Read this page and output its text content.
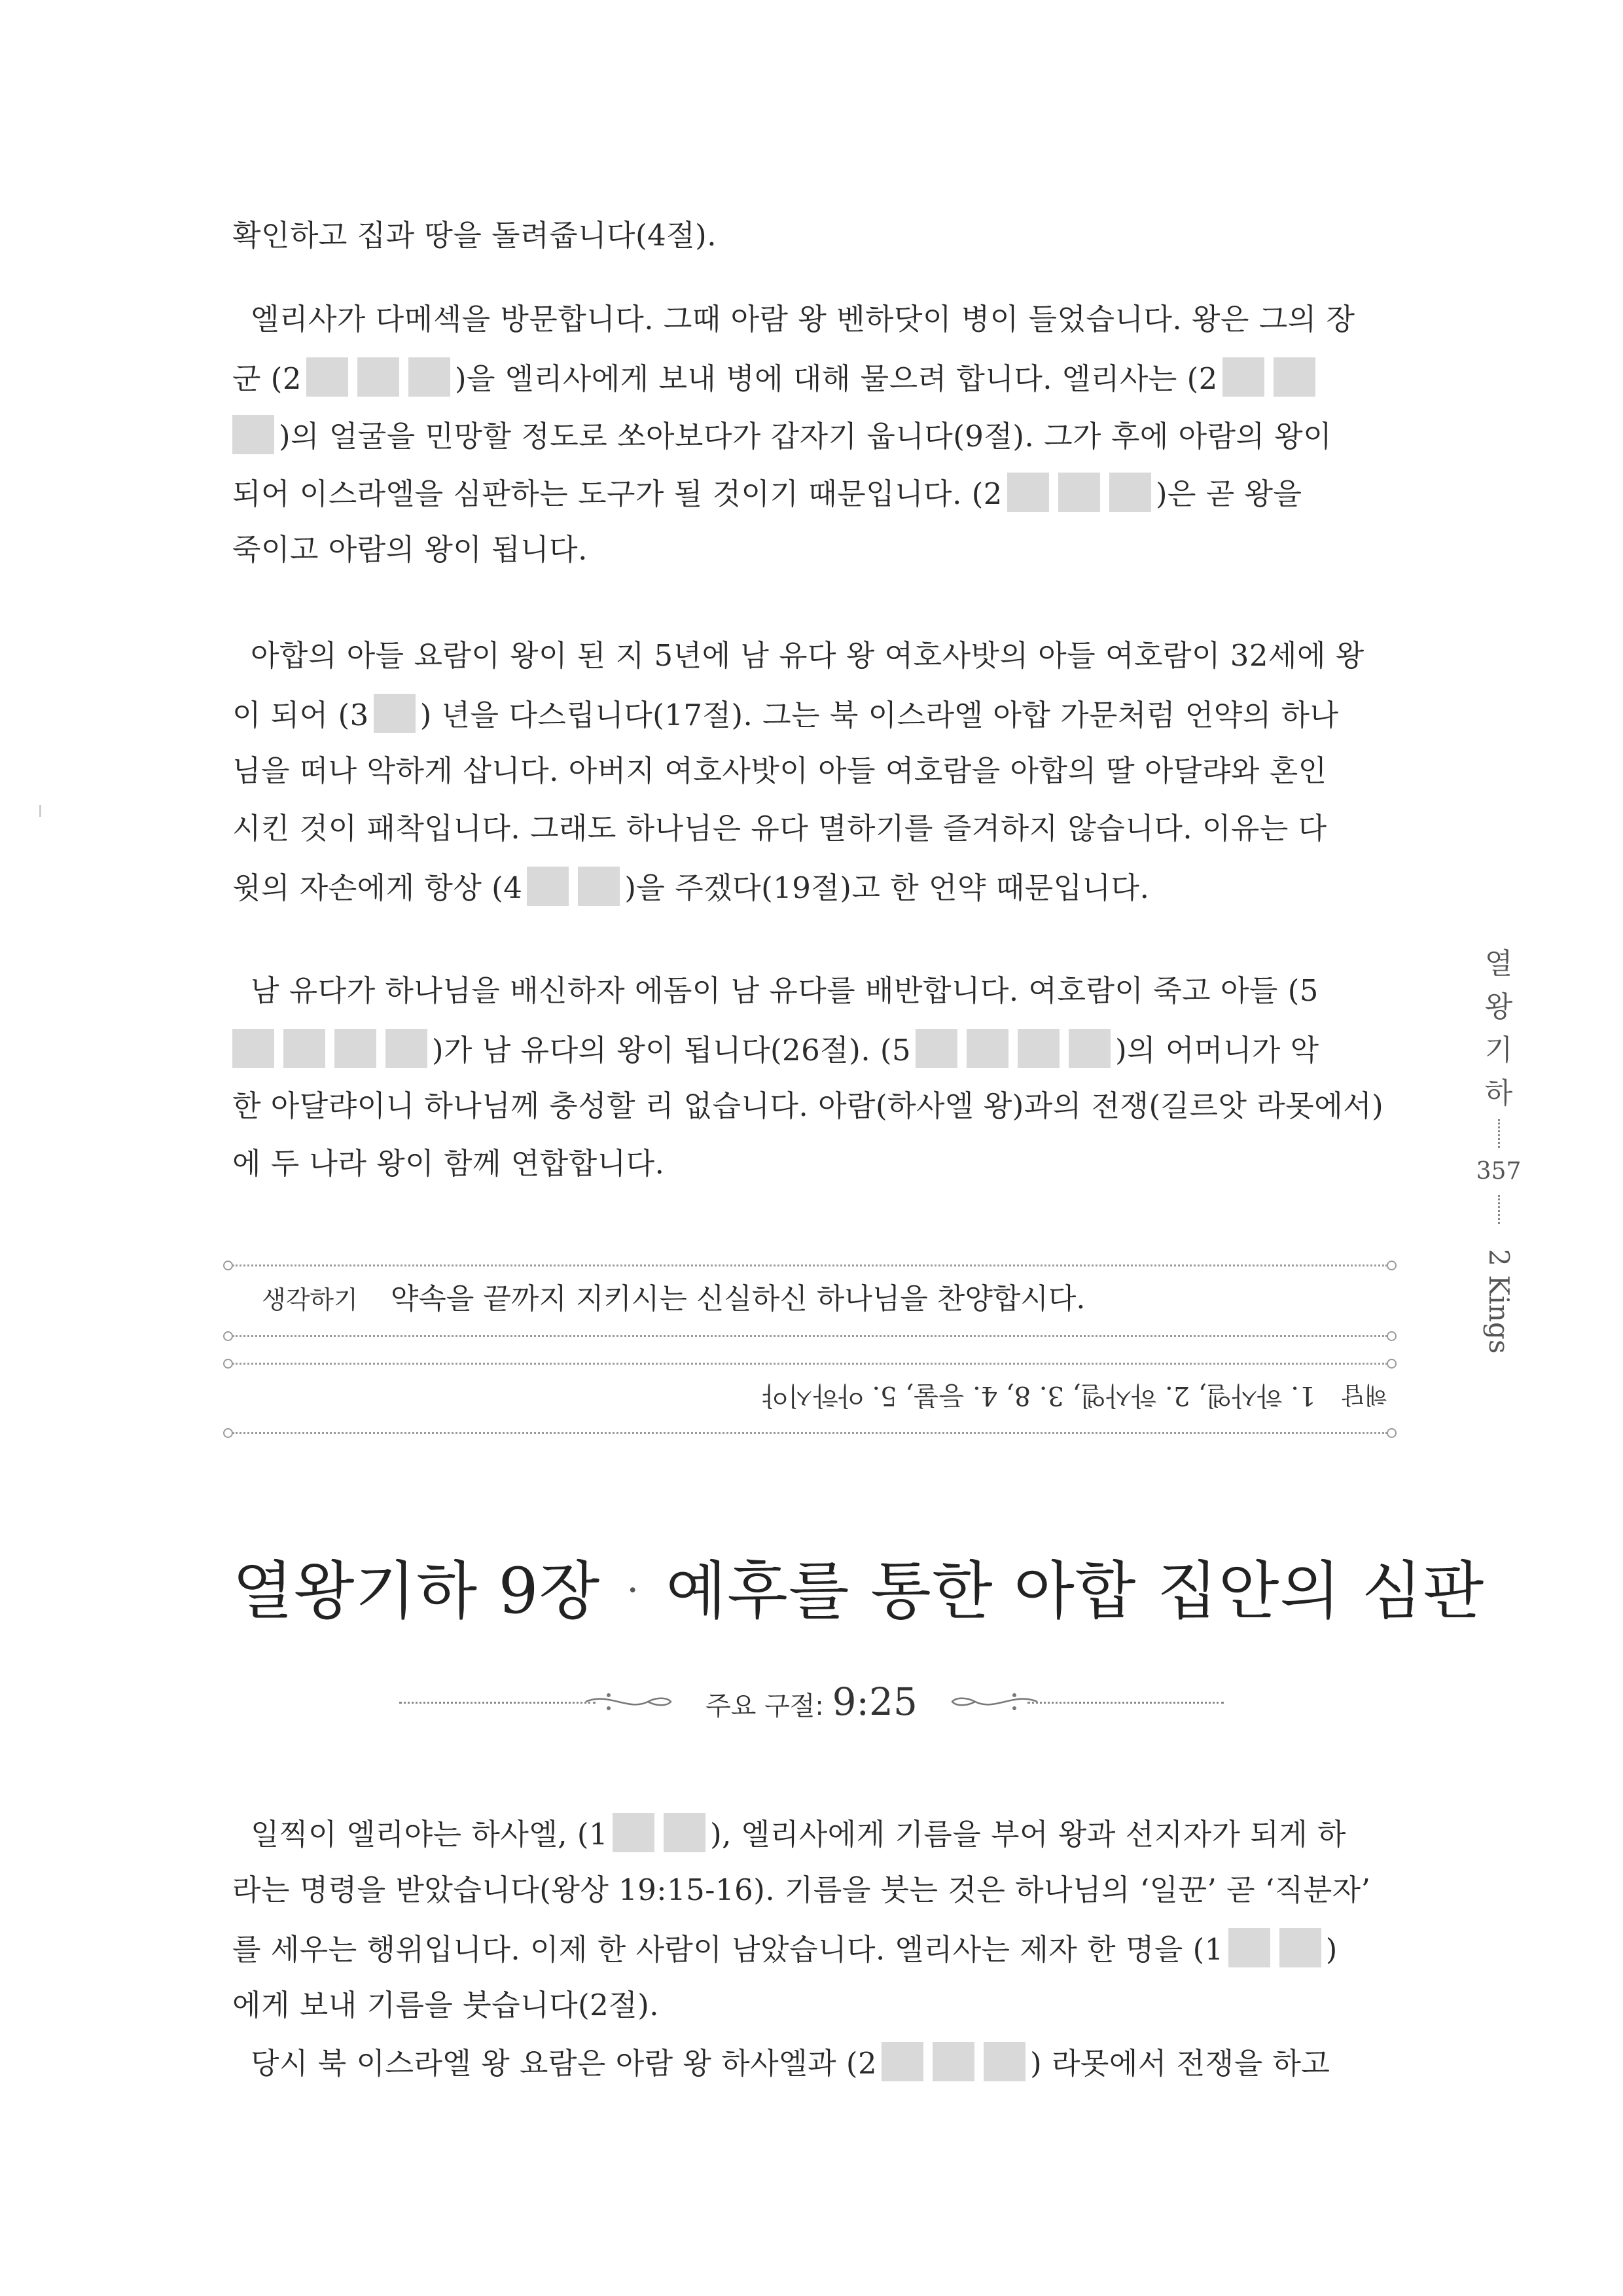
확인하고 집과 땅을 돌려줍니다(4절).
엘리사가 다메섹을 방문합니다. 그때 아람 왕 벤하닷이 병이 들었습니다. 왕은 그의 장
군 (2	)을 엘리사에게 보내 병에 대해 물으려 합니다. 엘리사는 (2
)의 얼굴을 민망할 정도로 쏘아보다가 갑자기 웁니다(9절). 그가 후에 아람의 왕이
되어 이스라엘을 심판하는 도구가 될 것이기 때문입니다. (2	)은 곧 왕을
죽이고 아람의 왕이 됩니다.
아합의 아들 요람이 왕이 된 지 5년에 남 유다 왕 여호사밧의 아들 여호람이 32세에 왕
이 되어 (3 ) 년을 다스립니다(17절). 그는 북 이스라엘 아합 가문처럼 언약의 하나
님을 떠나 악하게 삽니다. 아버지 여호사밧이 아들 여호람을 아합의 딸 아달랴와 혼인
시킨 것이 패착입니다. 그래도 하나님은 유다 멸하기를 즐겨하지 않습니다. 이유는 다
윗의 자손에게 항상 (4	)을 주겠다(19절)고 한 언약 때문입니다.
남 유다가 하나님을 배신하자 에돔이 남 유다를 배반합니다. 여호람이 죽고 아들 (5
)가 남 유다의 왕이 됩니다(26절). (5	)의 어머니가 악
한 아달랴이니 하나님께 충성할 리 없습니다. 아람(하사엘 왕)과의 전쟁(길르앗 라못에서)
에 두 나라 왕이 함께 연합합니다.
생각하기 약속을 끝까지 지키시는 신실하신 하나님을 찬양합시다.
해답1. 하사엘, 2. 하사엘, 3. 8, 4. 등불, 5. 아하시야
열왕기하 9장 · 예후를 통한 아합 집안의 심판
주요 구절: 9:25
일찍이 엘리야는 하사엘, (1	), 엘리사에게 기름을 부어 왕과 선지자가 되게 하
라는 명령을 받았습니다(왕상 19:15-16). 기름을 붓는 것은 하나님의 ‘일꾼’ 곧 ‘직분자’
를 세우는 행위입니다. 이제 한 사람이 남았습니다. 엘리사는 제자 한 명을 (1	)
에게 보내 기름을 붓습니다(2절).
당시 북 이스라엘 왕 요람은 아람 왕 하사엘과 (2	) 라못에서 전쟁을 하고
열
왕
기
하
357
2 Kings
